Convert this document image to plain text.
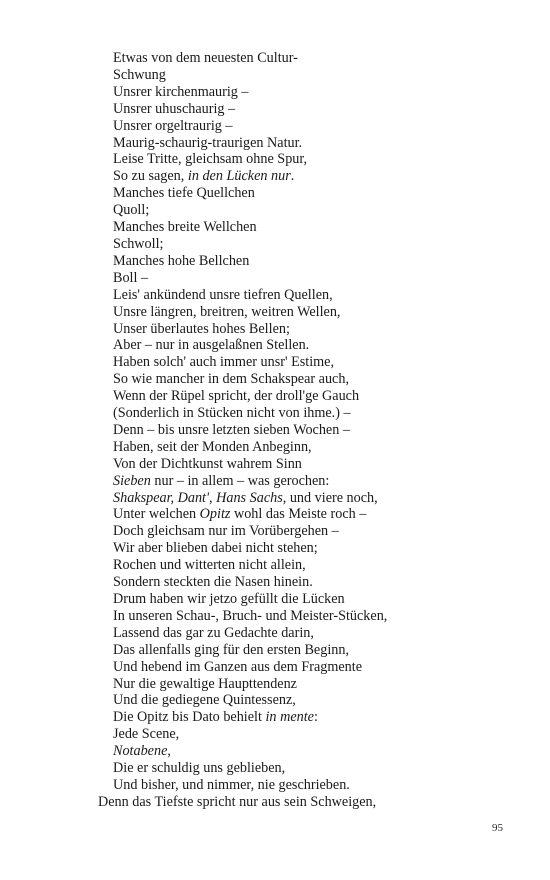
Etwas von dem neuesten Cultur-
Schwung
Unsrer kirchenmaurig –
Unsrer uhuschaurig –
Unsrer orgeltraurig –
Maurig-schaurig-traurigen Natur.
Leise Tritte, gleichsam ohne Spur,
So zu sagen, in den Lücken nur.
Manches tiefe Quellchen
Quoll;
Manches breite Wellchen
Schwoll;
Manches hohe Bellchen
Boll –
Leis' ankündend unsre tiefren Quellen,
Unsre längren, breitren, weitren Wellen,
Unser überlautes hohes Bellen;
Aber – nur in ausgelaßnen Stellen.
Haben solch' auch immer unsr' Estime,
So wie mancher in dem Schakspear auch,
Wenn der Rüpel spricht, der droll'ge Gauch
(Sonderlich in Stücken nicht von ihme.) –
Denn – bis unsre letzten sieben Wochen –
Haben, seit der Monden Anbeginn,
Von der Dichtkunst wahrem Sinn
Sieben nur – in allem – was gerochen:
Shakspear, Dant', Hans Sachs, und viere noch,
Unter welchen Opitz wohl das Meiste roch –
Doch gleichsam nur im Vorübergehen –
Wir aber blieben dabei nicht stehen;
Rochen und witterten nicht allein,
Sondern steckten die Nasen hinein.
Drum haben wir jetzo gefüllt die Lücken
In unseren Schau-, Bruch- und Meister-Stücken,
Lassend das gar zu Gedachte darin,
Das allenfalls ging für den ersten Beginn,
Und hebend im Ganzen aus dem Fragmente
Nur die gewaltige Haupttendenz
Und die gediegene Quintessenz,
Die Opitz bis Dato behielt in mente:
Jede Scene,
Notabene,
Die er schuldig uns geblieben,
Und bisher, und nimmer, nie geschrieben.
Denn das Tiefste spricht nur aus sein Schweigen,
95
